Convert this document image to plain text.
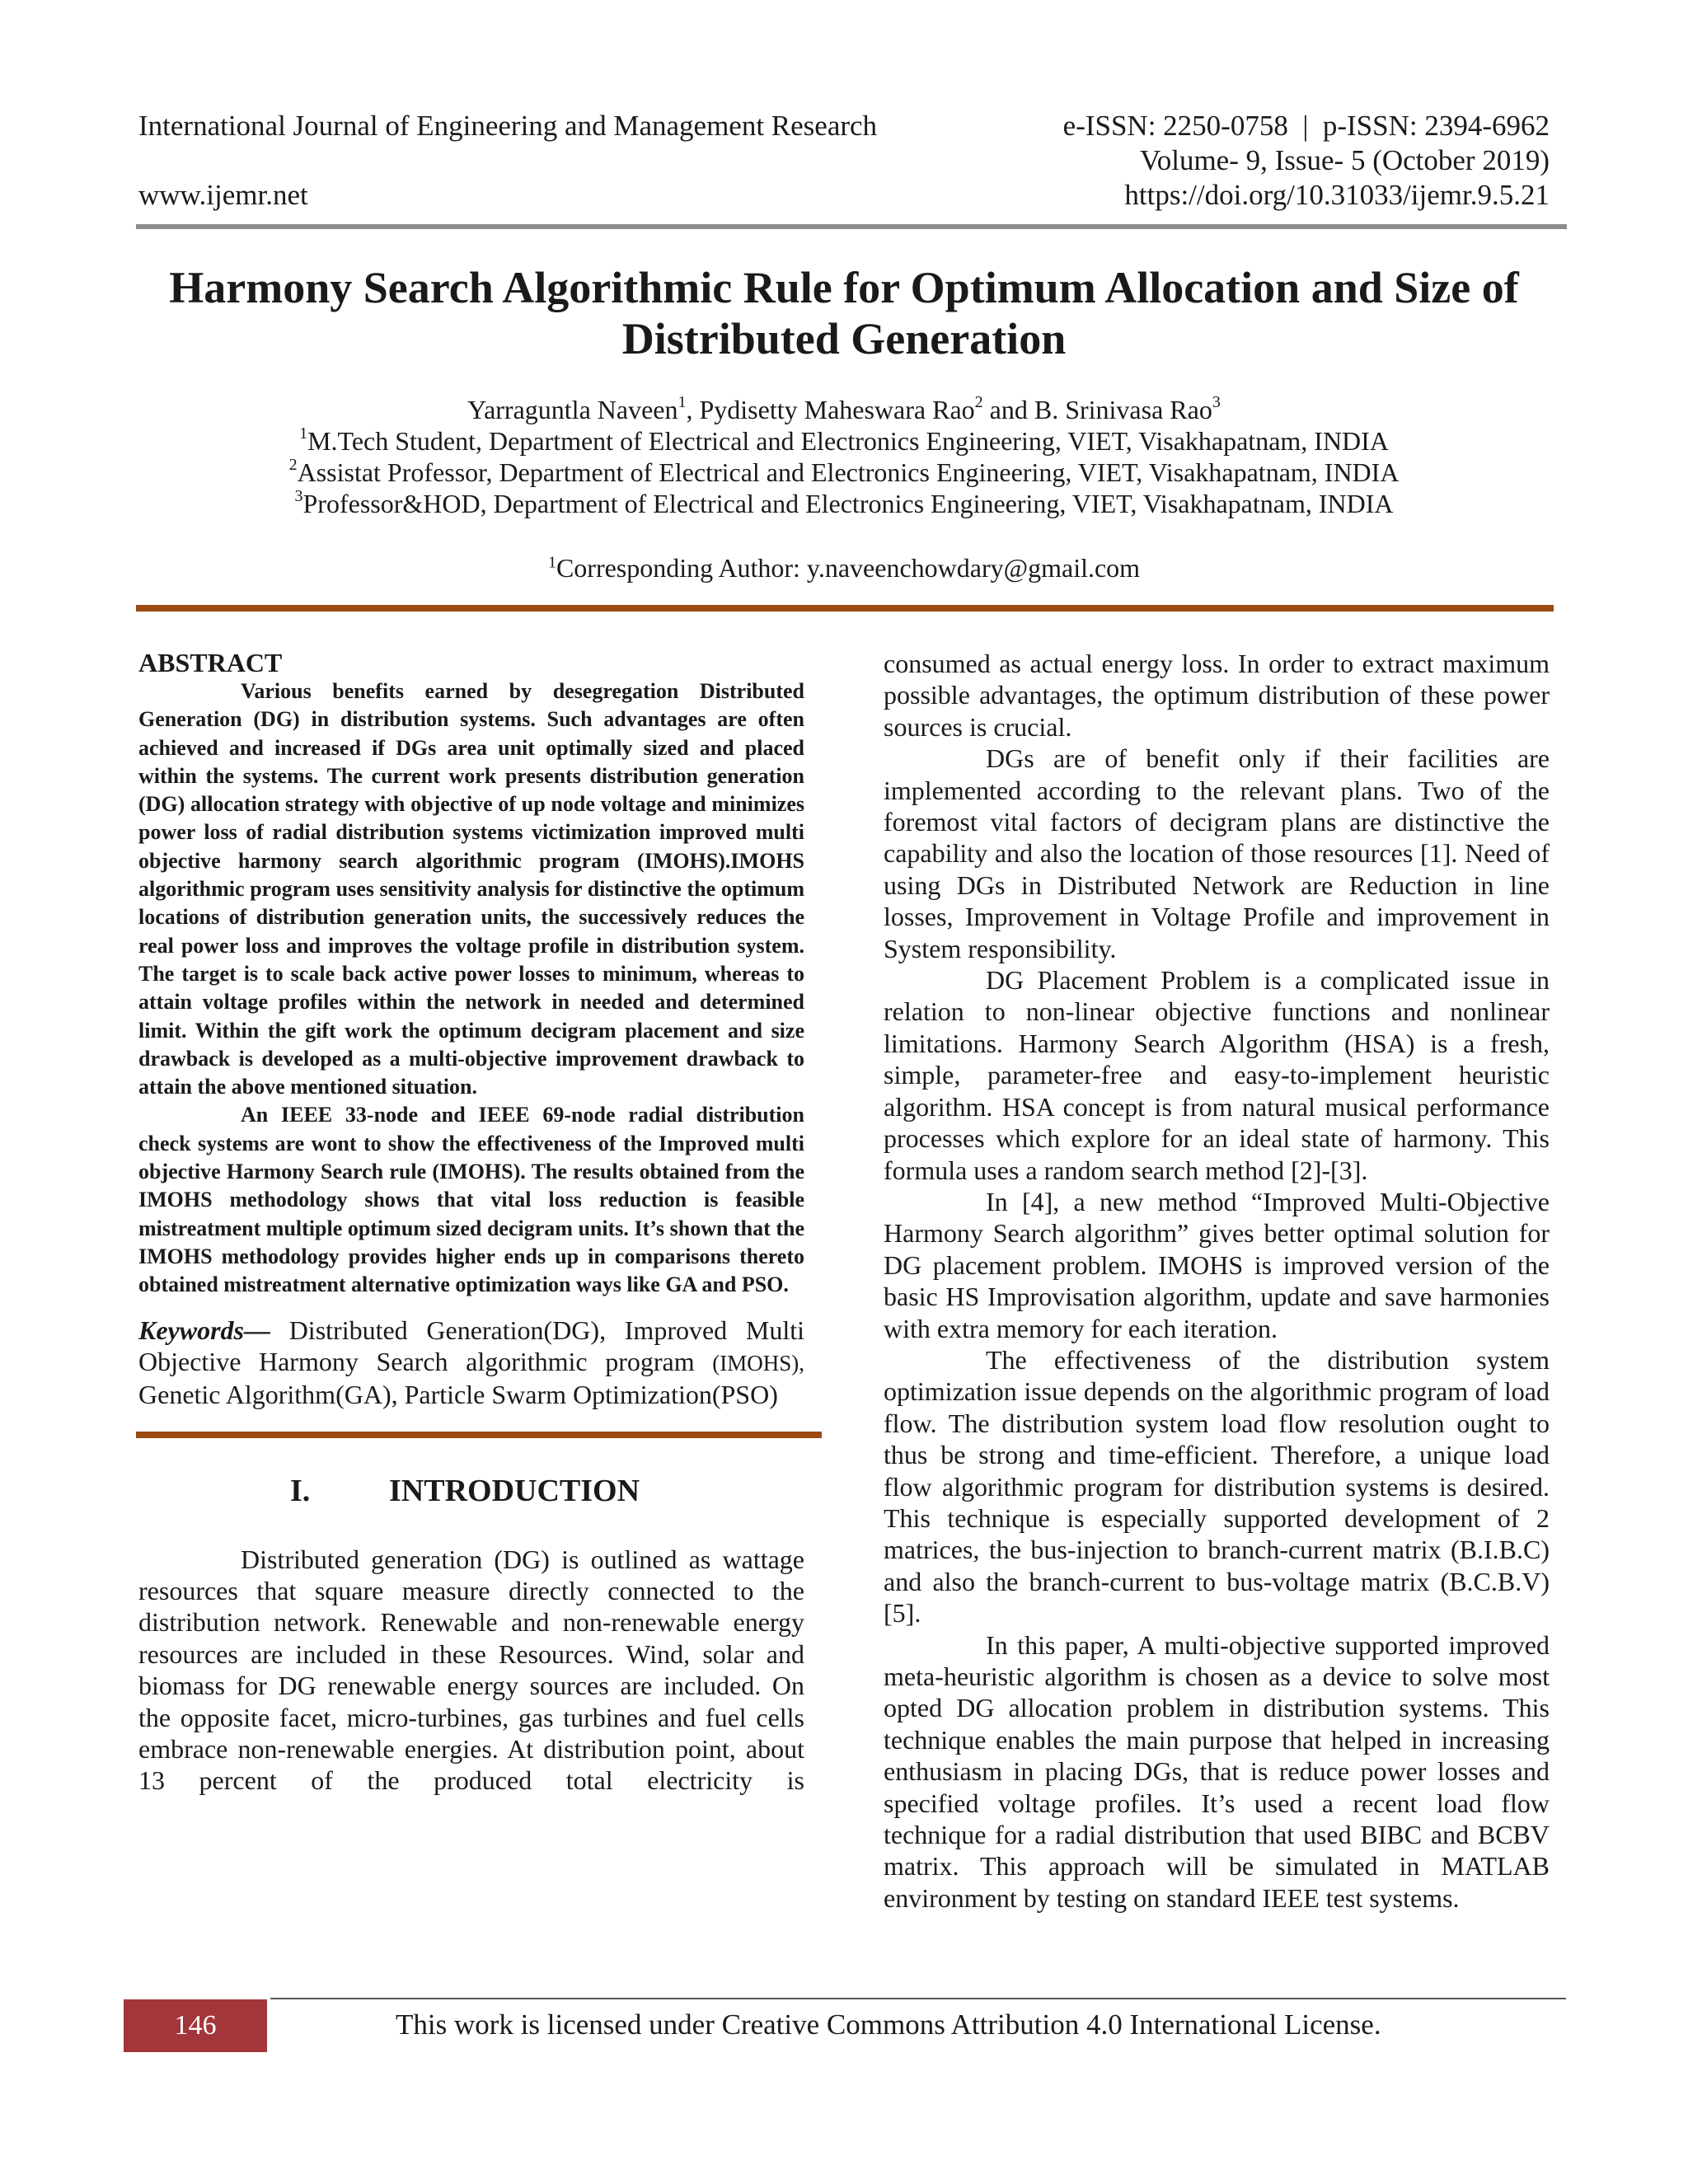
International Journal of Engineering and Management Research
www.ijemr.net
e-ISSN: 2250-0758  |  p-ISSN: 2394-6962
Volume- 9, Issue- 5 (October 2019)
https://doi.org/10.31033/ijemr.9.5.21
Harmony Search Algorithmic Rule for Optimum Allocation and Size of Distributed Generation
Yarraguntla Naveen$^1$, Pydisetty Maheswara Rao$^2$ and B. Srinivasa Rao$^3$
$^1$M.Tech Student, Department of Electrical and Electronics Engineering, VIET, Visakhapatnam, INDIA
$^2$Assistat Professor, Department of Electrical and Electronics Engineering, VIET, Visakhapatnam, INDIA
$^3$Professor&HOD, Department of Electrical and Electronics Engineering, VIET, Visakhapatnam, INDIA
$^1$Corresponding Author: y.naveenchowdary@gmail.com

ABSTRACT

Various benefits earned by desegregation Distributed Generation (DG) in distribution systems. Such advantages are often achieved and increased if DGs area unit optimally sized and placed within the systems. The current work presents distribution generation (DG) allocation strategy with objective of up node voltage and minimizes power loss of radial distribution systems victimization improved multi objective harmony search algorithmic program (IMOHS).IMOHS algorithmic program uses sensitivity analysis for distinctive the optimum locations of distribution generation units, the successively reduces the real power loss and improves the voltage profile in distribution system. The target is to scale back active power losses to minimum, whereas to attain voltage profiles within the network in needed and determined limit. Within the gift work the optimum decigram placement and size drawback is developed as a multi-objective improvement drawback to attain the above mentioned situation.

An IEEE 33-node and IEEE 69-node radial distribution check systems are wont to show the effectiveness of the Improved multi objective Harmony Search rule (IMOHS). The results obtained from the IMOHS methodology shows that vital loss reduction is feasible mistreatment multiple optimum sized decigram units. It’s shown that the IMOHS methodology provides higher ends up in comparisons thereto obtained mistreatment alternative optimization ways like GA and PSO.

Keywords— Distributed Generation(DG), Improved Multi Objective Harmony Search algorithmic program (IMOHS), Genetic Algorithm(GA), Particle Swarm Optimization(PSO)

I.	INTRODUCTION

Distributed generation (DG) is outlined as wattage resources that square measure directly connected to the distribution network. Renewable and non-renewable energy resources are included in these Resources. Wind, solar and biomass for DG renewable energy sources are included. On the opposite facet, micro-turbines, gas turbines and fuel cells embrace non-renewable energies. At distribution point, about 13 percent of the produced total electricity is

consumed as actual energy loss. In order to extract maximum possible advantages, the optimum distribution of these power sources is crucial.

DGs are of benefit only if their facilities are implemented according to the relevant plans. Two of the foremost vital factors of decigram plans are distinctive the capability and also the location of those resources [1]. Need of using DGs in Distributed Network are Reduction in line losses, Improvement in Voltage Profile and improvement in System responsibility.

DG Placement Problem is a complicated issue in relation to non-linear objective functions and nonlinear limitations. Harmony Search Algorithm (HSA) is a fresh, simple, parameter-free and easy-to-implement heuristic algorithm. HSA concept is from natural musical performance processes which explore for an ideal state of harmony. This formula uses a random search method [2]-[3].

In [4], a new method “Improved Multi-Objective Harmony Search algorithm” gives better optimal solution for DG placement problem. IMOHS is improved version of the basic HS Improvisation algorithm, update and save harmonies with extra memory for each iteration.

The effectiveness of the distribution system optimization issue depends on the algorithmic program of load flow. The distribution system load flow resolution ought to thus be strong and time-efficient. Therefore, a unique load flow algorithmic program for distribution systems is desired. This technique is especially supported development of 2 matrices, the bus-injection to branch-current matrix (B.I.B.C) and also the branch-current to bus-voltage matrix (B.C.B.V) [5].

In this paper, A multi-objective supported improved meta-heuristic algorithm is chosen as a device to solve most opted DG allocation problem in distribution systems. This technique enables the main purpose that helped in increasing enthusiasm in placing DGs, that is reduce power losses and specified voltage profiles. It’s used a recent load flow technique for a radial distribution that used BIBC and BCBV matrix. This approach will be simulated in MATLAB environment by testing on standard IEEE test systems.

146	This work is licensed under Creative Commons Attribution 4.0 International License.
